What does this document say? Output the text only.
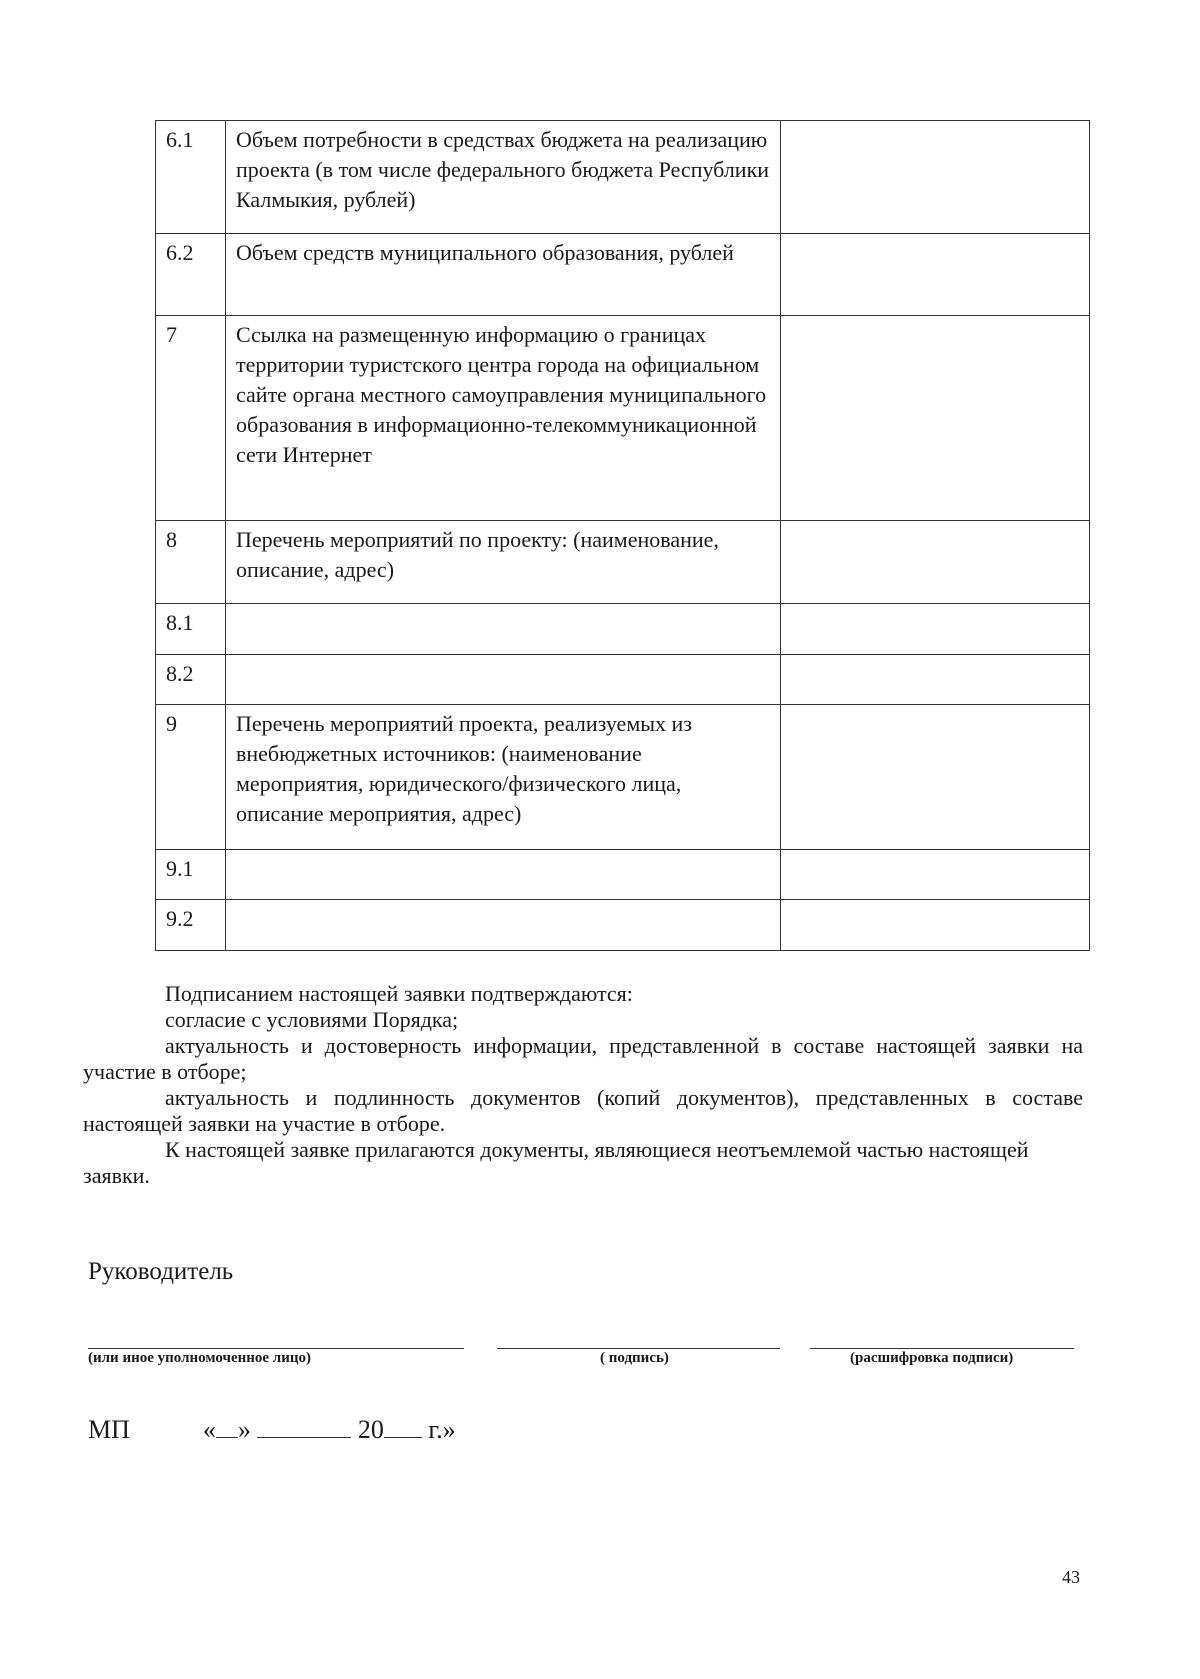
6.1	Объем потребности в средствах бюджета на реализацию проекта (в том числе федерального бюджета Республики Калмыкия, рублей)	
6.2	Объем средств муниципального образования, рублей	
7	Ссылка на размещенную информацию о границах территории туристского центра города на официальном сайте органа местного самоуправления муниципального образования в информационно-телекоммуникационной сети Интернет	
8	Перечень мероприятий по проекту: (наименование, описание, адрес)	
8.1		
8.2		
9	Перечень мероприятий проекта, реализуемых из внебюджетных источников: (наименование мероприятия, юридического/физического лица, описание мероприятия, адрес)	
9.1		
9.2		

Подписанием настоящей заявки подтверждаются:

согласие с условиями Порядка;

актуальность и достоверность информации, представленной в составе настоящей заявки на участие в отборе;

актуальность и подлинность документов (копий документов), представленных в составе настоящей заявки на участие в отборе.

К настоящей заявке прилагаются документы, являющиеся неотъемлемой частью настоящей заявки.

Руководитель
(или иное уполномоченное лицо)	( подпись)	(расшифровка подписи)
МП	« »	20 г.»
43
